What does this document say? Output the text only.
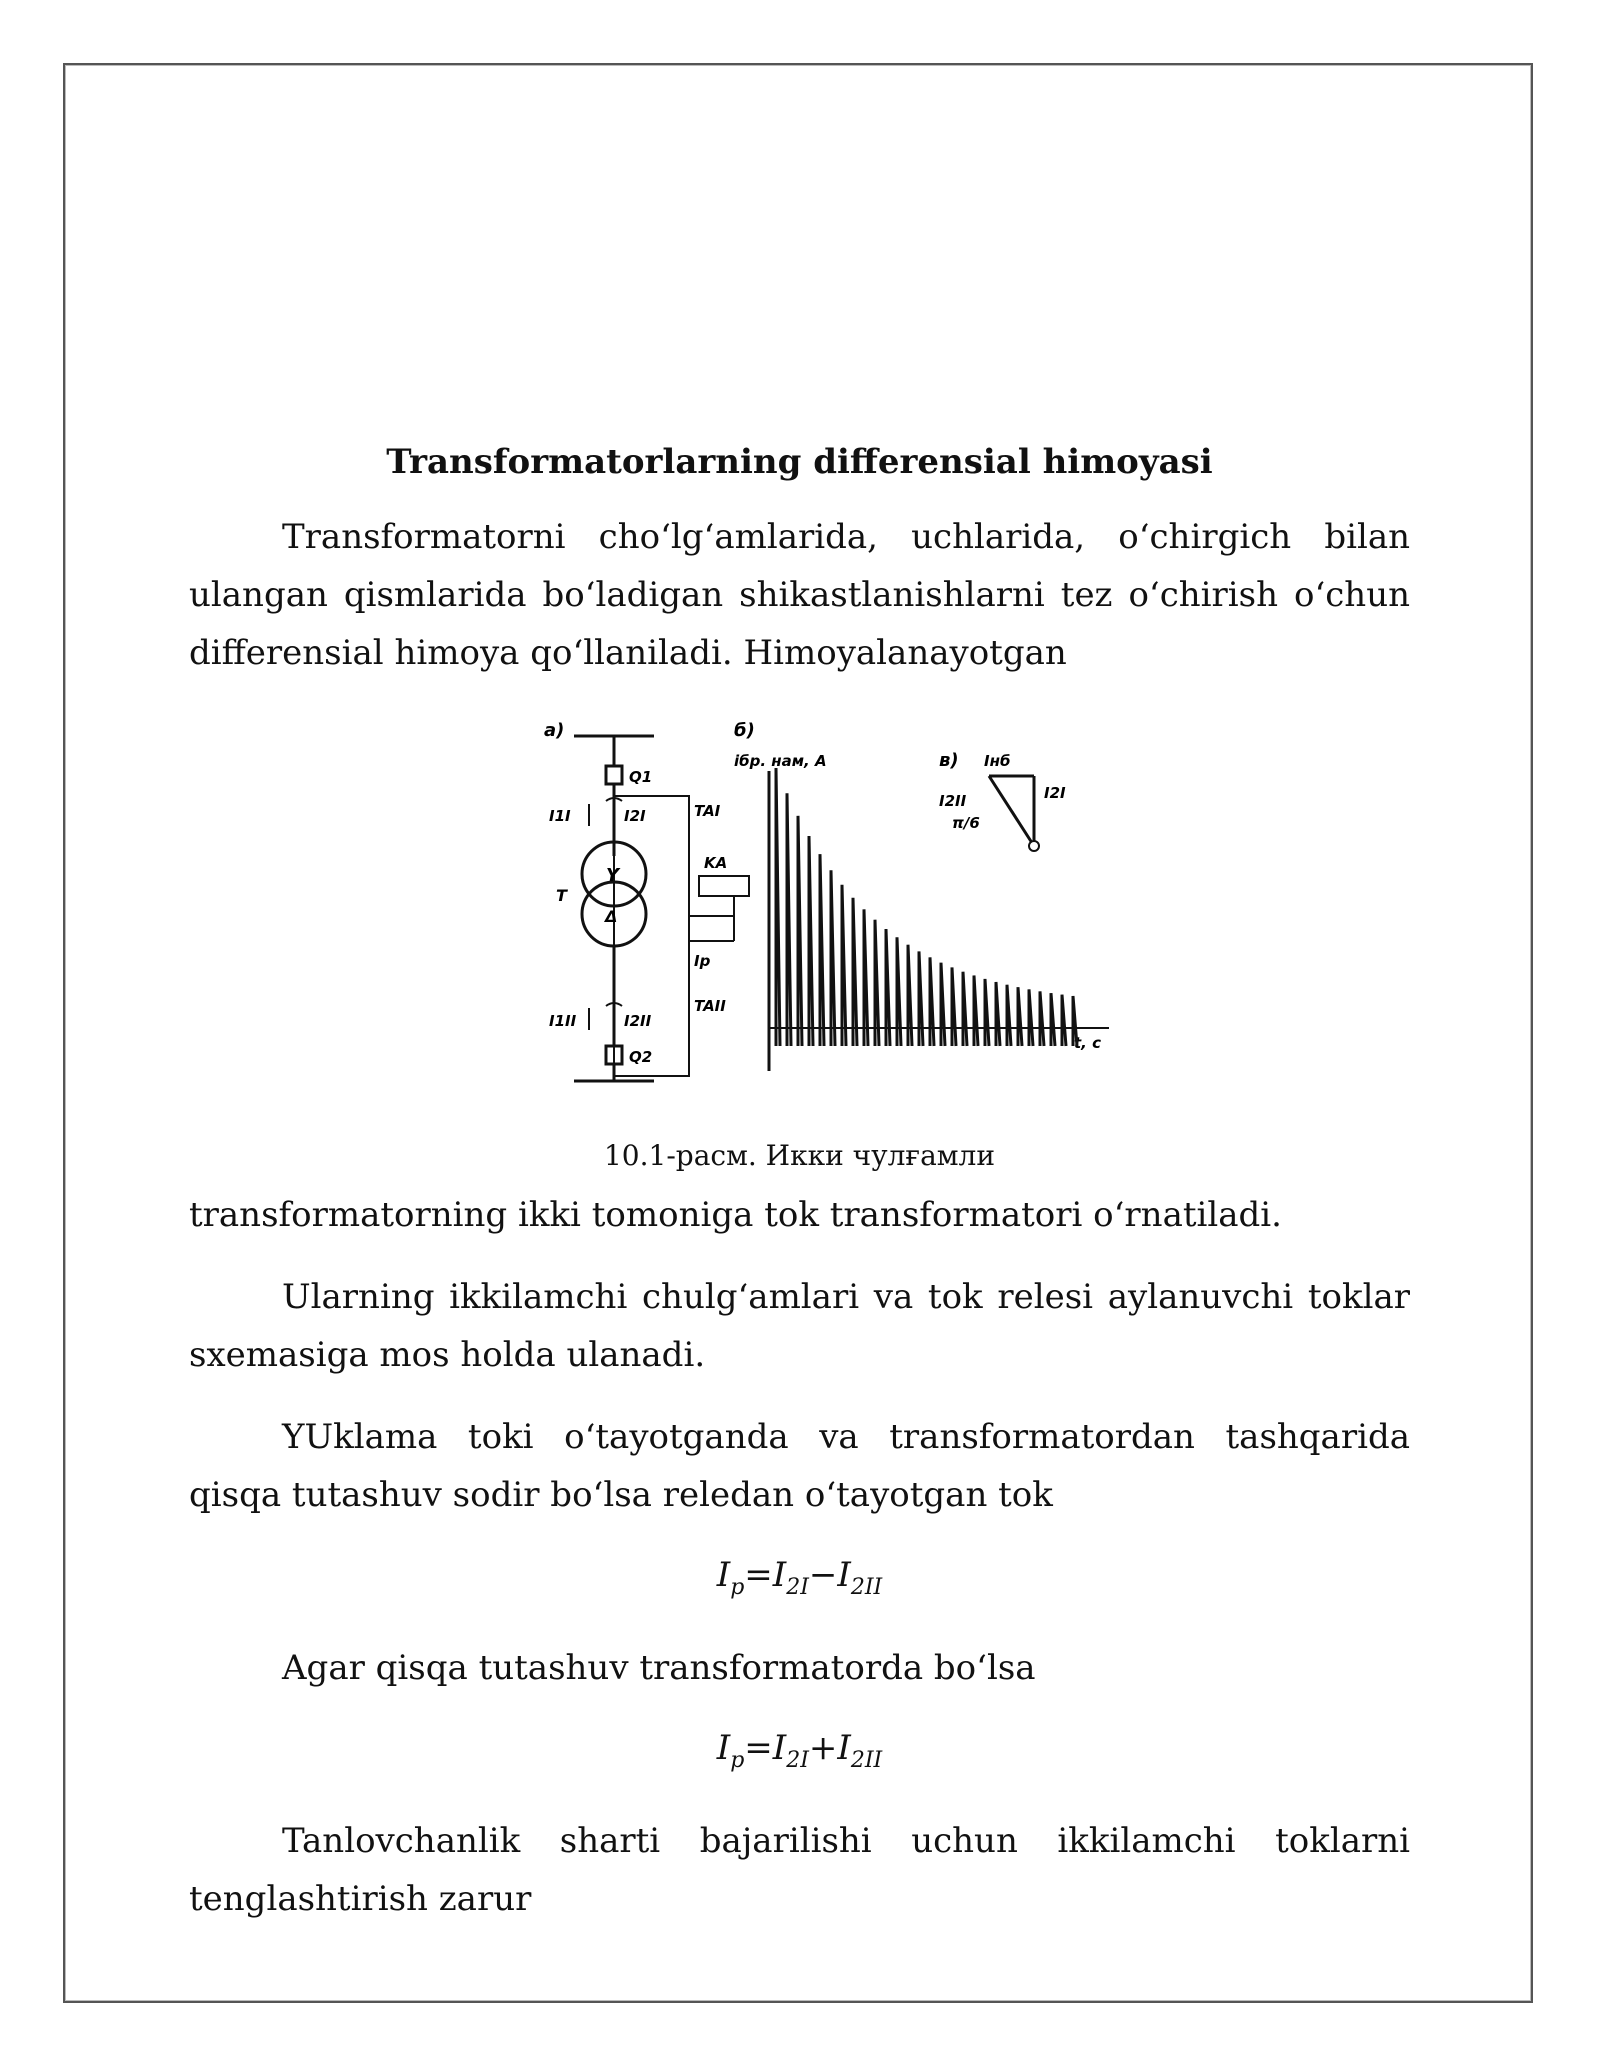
Transformatorlarning differensial himoyasi

Transformatorni cho‘lg‘amlarida, uchlarida, o‘chirgich bilan ulangan qismlarida bo‘ladigan shikastlanishlarni tez o‘chirish o‘chun differensial himoya qo‘llaniladi. Himoyalanayotgan

а)
Q1
TAI
I1I	I2I
Y
Δ
T
KA
Ip
TAII
I1II	I2II
Q2
б)
iбр. нам, A
t, c
в) Iнб
I2I
I2II
π/6
10.1-расм. Икки чулғамли

transformatorning ikki tomoniga tok transformatori o‘rnatiladi.

Ularning ikkilamchi chulg‘amlari va tok relesi aylanuvchi toklar sxemasiga mos holda ulanadi.

YUklama toki o‘tayotganda va transformatordan tashqarida qisqa tutashuv sodir bo‘lsa reledan o‘tayotgan tok

$I_p=I_{2I}-I_{2II}$

Agar qisqa tutashuv transformatorda bo‘lsa

$I_p=I_{2I}+I_{2II}$

Tanlovchanlik sharti bajarilishi uchun ikkilamchi toklarni tenglashtirish zarur
